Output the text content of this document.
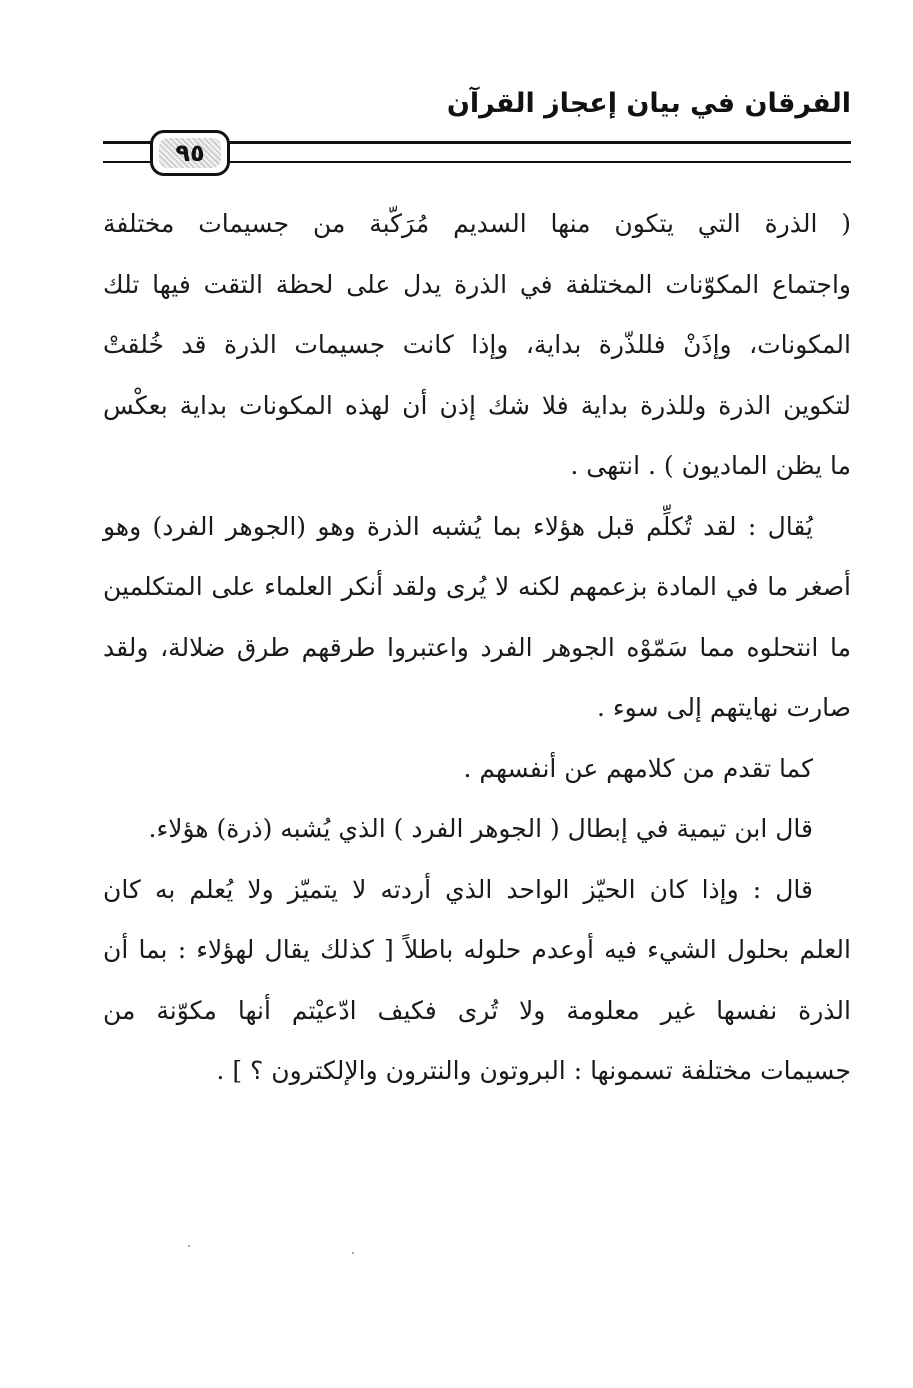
الفرقان في بيان إعجاز القرآن
٩٥
( الذرة التي يتكون منها السديم مُرَكّبة من جسيمات مختلفة
واجتماع المكوّنات المختلفة في الذرة يدل على لحظة التقت فيها تلك
المكونات، وإذَنْ فللذّرة بداية، وإذا كانت جسيمات الذرة قد خُلقتْ
لتكوين الذرة وللذرة بداية فلا شك إذن أن لهذه المكونات بداية بعكْس
ما يظن الماديون ) . انتهى .
يُقال : لقد تُكلِّم قبل هؤلاء بما يُشبه الذرة وهو (الجوهر الفرد) وهو
أصغر ما في المادة بزعمهم لكنه لا يُرى ولقد أنكر العلماء على المتكلمين
ما انتحلوه مما سَمّوْه الجوهر الفرد واعتبروا طرقهم طرق ضلالة، ولقد
صارت نهايتهم إلى سوء .
كما تقدم من كلامهم عن أنفسهم .
قال ابن تيمية في إبطال ( الجوهر الفرد ) الذي يُشبه (ذرة) هؤلاء.
قال : وإذا كان الحيّز الواحد الذي أردته لا يتميّز ولا يُعلم به كان
العلم بحلول الشيء فيه أوعدم حلوله باطلاً [ كذلك يقال لهؤلاء : بما أن
الذرة نفسها غير معلومة ولا تُرى فكيف ادّعيْتم أنها مكوّنة من
جسيمات مختلفة تسمونها : البروتون والنترون والإلكترون ؟ ] .
